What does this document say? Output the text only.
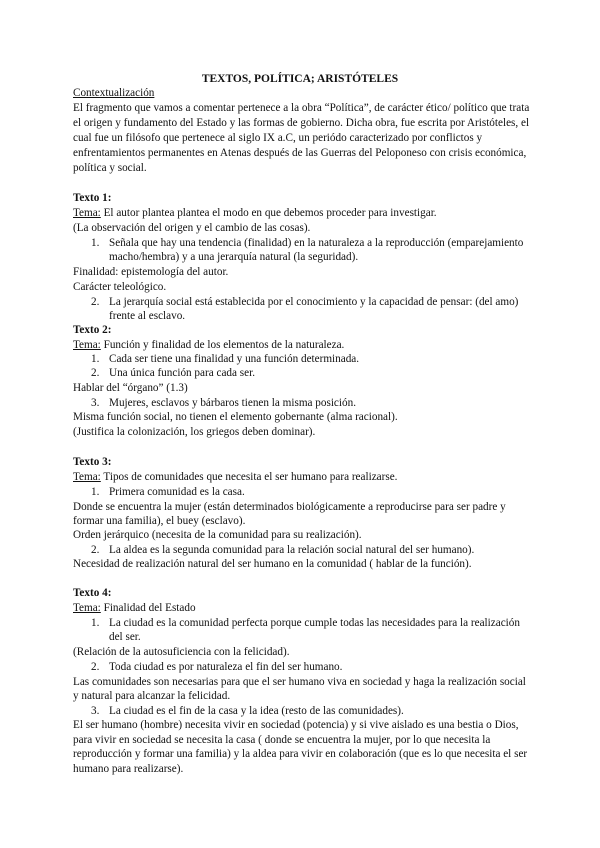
TEXTOS, POLÍTICA; ARISTÓTELES
Contextualización
El fragmento que vamos a comentar pertenece a la obra “Política”, de carácter ético/ político que trata
el origen y fundamento del Estado y las formas de gobierno. Dicha obra, fue escrita por Aristóteles, el
cual fue un filósofo que pertenece al siglo IX a.C, un periódo caracterizado por conflictos y
enfrentamientos permanentes en Atenas después de las Guerras del Peloponeso con crisis económica,
política y social.
Texto 1:
Tema: El autor plantea plantea el modo en que debemos proceder para investigar.
(La observación del origen y el cambio de las cosas).
1. Señala que hay una tendencia (finalidad) en la naturaleza a la reproducción (emparejamiento
macho/hembra) y a una jerarquía natural (la seguridad).
Finalidad: epistemología del autor.
Carácter teleológico.
2. La jerarquía social está establecida por el conocimiento y la capacidad de pensar: (del amo)
frente al esclavo.
Texto 2:
Tema: Función y finalidad de los elementos de la naturaleza.
1. Cada ser tiene una finalidad y una función determinada.
2. Una única función para cada ser.
Hablar del “órgano” (1.3)
3. Mujeres, esclavos y bárbaros tienen la misma posición.
Misma función social, no tienen el elemento gobernante (alma racional).
(Justifica la colonización, los griegos deben dominar).
Texto 3:
Tema: Tipos de comunidades que necesita el ser humano para realizarse.
1. Primera comunidad es la casa.
Donde se encuentra la mujer (están determinados biológicamente a reproducirse para ser padre y
formar una familia), el buey (esclavo).
Orden jerárquico (necesita de la comunidad para su realización).
2. La aldea es la segunda comunidad para la relación social natural del ser humano).
Necesidad de realización natural del ser humano en la comunidad ( hablar de la función).
Texto 4:
Tema: Finalidad del Estado
1. La ciudad es la comunidad perfecta porque cumple todas las necesidades para la realización
del ser.
(Relación de la autosuficiencia con la felicidad).
2. Toda ciudad es por naturaleza el fin del ser humano.
Las comunidades son necesarias para que el ser humano viva en sociedad y haga la realización social
y natural para alcanzar la felicidad.
3. La ciudad es el fin de la casa y la idea (resto de las comunidades).
El ser humano (hombre) necesita vivir en sociedad (potencia) y si vive aislado es una bestia o Dios,
para vivir en sociedad se necesita la casa ( donde se encuentra la mujer, por lo que necesita la
reproducción y formar una familia) y la aldea para vivir en colaboración (que es lo que necesita el ser
humano para realizarse).
